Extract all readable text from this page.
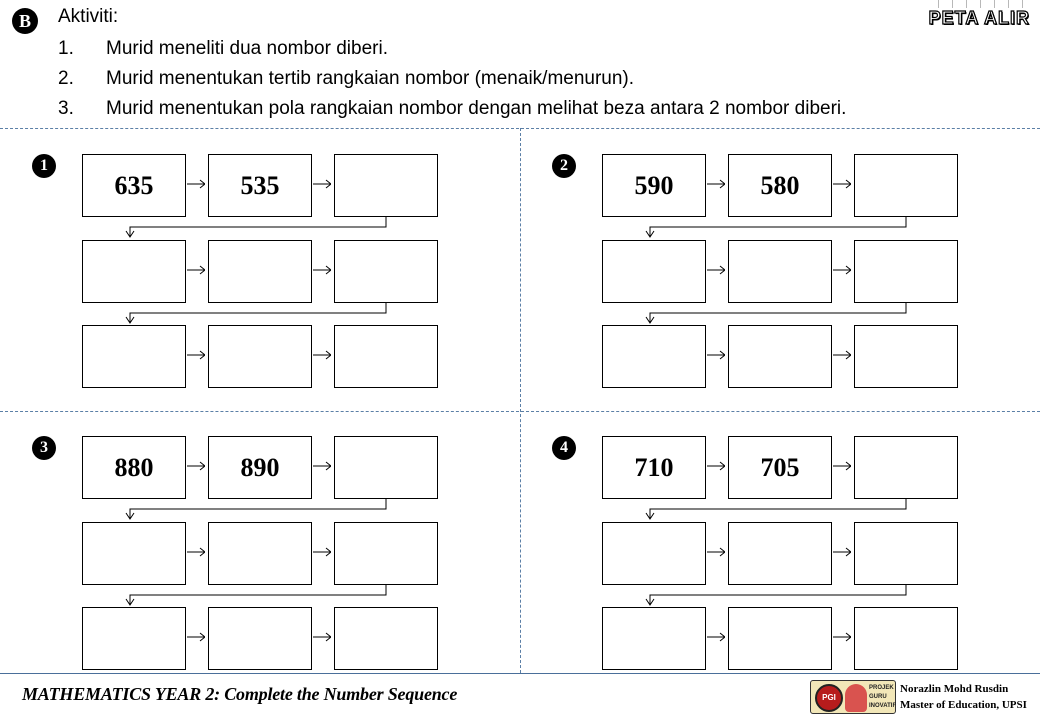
B	Aktiviti:
1. Murid meneliti dua nombor diberi.
2. Murid menentukan tertib rangkaian nombor (menaik/menurun).
3. Murid menentukan pola rangkaian nombor dengan melihat beza antara 2 nombor diberi.
PETA ALIR
1
635	535
2
590	580
3
880	890
4
710	705
MATHEMATICS YEAR 2: Complete the Number Sequence	PGI
PROJEK
GURU
INOVATIF
Norazlin Mohd Rusdin
Master of Education, UPSI
